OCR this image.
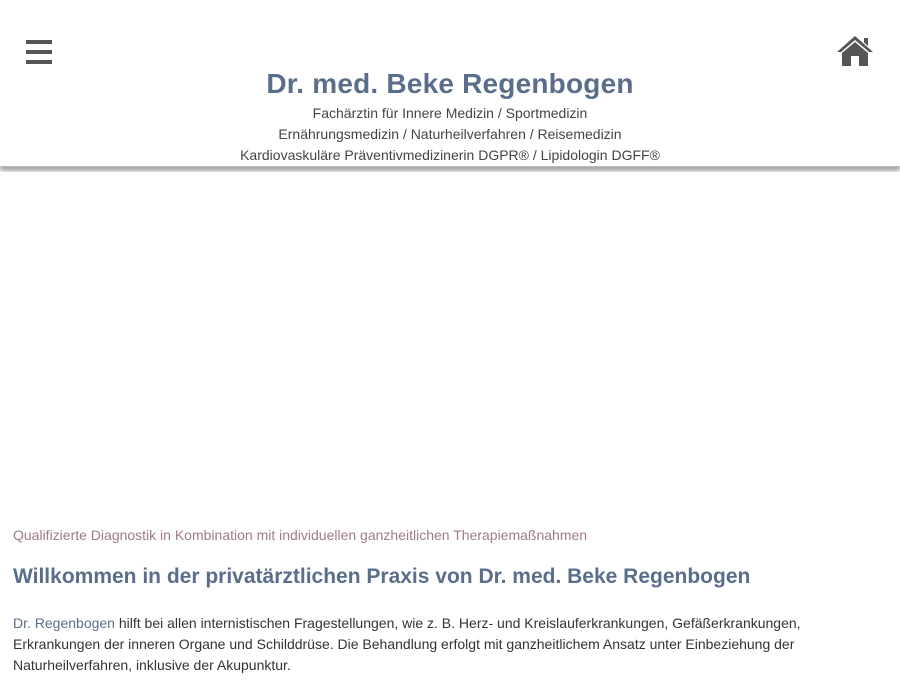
Dr. med. Beke Regenbogen
Fachärztin für Innere Medizin / Sportmedizin
Ernährungsmedizin / Naturheilverfahren / Reisemedizin
Kardiovaskuläre Präventivmedizinerin DGPR® / Lipidologin DGFF®
Qualifizierte Diagnostik in Kombination mit individuellen ganzheitlichen Therapiemaßnahmen
Willkommen in der privatärztlichen Praxis von Dr. med. Beke Regenbogen

Dr. Regenbogen hilft bei allen internistischen Fragestellungen, wie z. B. Herz- und Kreislauferkrankungen, Gefäßerkrankungen, Erkrankungen der inneren Organe und Schilddrüse. Die Behandlung erfolgt mit ganzheitlichem Ansatz unter Einbeziehung der Naturheilverfahren, inklusive der Akupunktur.
